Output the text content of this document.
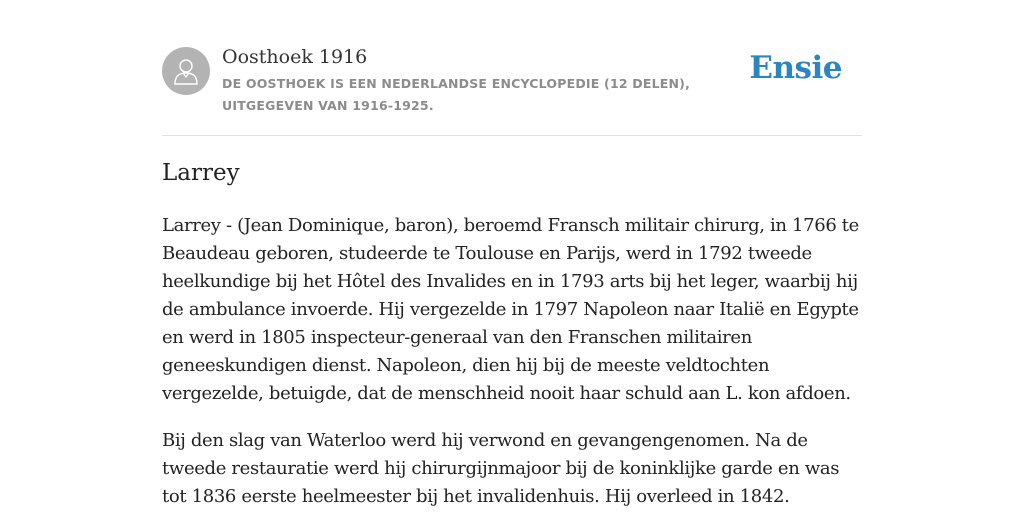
Oosthoek 1916
DE OOSTHOEK IS EEN NEDERLANDSE ENCYCLOPEDIE (12 DELEN), UITGEGEVEN VAN 1916-1925.
Ensie
Larrey

Larrey - (Jean Dominique, baron), beroemd Fransch militair chirurg, in 1766 te Beaudeau geboren, studeerde te Toulouse en Parijs, werd in 1792 tweede heelkundige bij het Hôtel des Invalides en in 1793 arts bij het leger, waarbij hij de ambulance invoerde. Hij vergezelde in 1797 Napoleon naar Italië en Egypte en werd in 1805 inspecteur-generaal van den Franschen militairen geneeskundigen dienst. Napoleon, dien hij bij de meeste veldtochten vergezelde, betuigde, dat de menschheid nooit haar schuld aan L. kon afdoen.

Bij den slag van Waterloo werd hij verwond en gevangengenomen. Na de tweede restauratie werd hij chirurgijnmajoor bij de koninklijke garde en was tot 1836 eerste heelmeester bij het invalidenhuis. Hij overleed in 1842.
